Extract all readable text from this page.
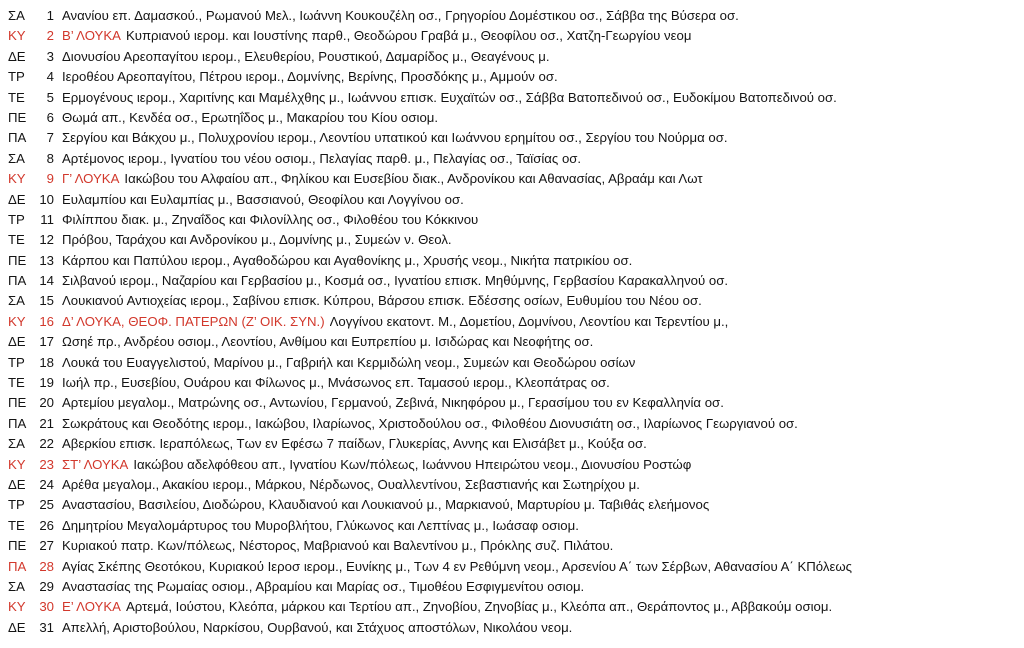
ΣΑ	1 Ανανίου επ. Δαμασκού., Ρωμανού Μελ., Ιωάννη Κουκουζέλη οσ., Γρηγορίου Δομέστικου οσ., Σάββα της Βύσερα οσ.
ΚΥ	2 Β’ ΛΟΥΚΑ Κυπριανού ιερομ. και Ιουστίνης παρθ., Θεοδώρου Γραβά μ., Θεοφίλου οσ., Χατζη-Γεωργίου νεομ
ΔΕ	3 Διονυσίου Αρεοπαγίτου ιερομ., Ελευθερίου, Ρουστικού, Δαμαρίδος μ., Θεαγένους μ.
ΤΡ	4 Ιεροθέου Αρεοπαγίτου, Πέτρου ιερομ., Δομνίνης, Βερίνης, Προσδόκης μ., Αμμούν οσ.
ΤΕ	5 Ερμογένους ιερομ., Χαριτίνης και Μαμέλχθης μ., Ιωάννου επισκ. Ευχαϊτών οσ., Σάββα Βατοπεδινού οσ., Ευδοκίμου Βατοπεδινού οσ.
ΠΕ	6 Θωμά απ., Κενδέα οσ., Ερωτηΐδος μ., Μακαρίου του Κίου οσιομ.
ΠΑ	7 Σεργίου και Βάκχου μ., Πολυχρονίου ιερομ., Λεοντίου υπατικού και Ιωάννου ερημίτου οσ., Σεργίου του Νούρμα οσ.
ΣΑ	8 Αρτέμονος ιερομ., Ιγνατίου του νέου οσιομ., Πελαγίας παρθ. μ., Πελαγίας οσ., Ταϊσίας οσ.
ΚΥ	9 Γ’ ΛΟΥΚΑ Ιακώβου του Αλφαίου απ., Φηλίκου και Ευσεβίου διακ., Ανδρονίκου και Αθανασίας, Αβραάμ και Λωτ
ΔΕ	10 Ευλαμπίου και Ευλαμπίας μ., Βασσιανού, Θεοφίλου και Λογγίνου οσ.
ΤΡ	11 Φιλίππου διακ. μ., Ζηναΐδος και Φιλονίλλης οσ., Φιλοθέου του Κόκκινου
ΤΕ	12 Πρόβου, Ταράχου και Ανδρονίκου μ., Δομνίνης μ., Συμεών ν. Θεολ.
ΠΕ 13 Κάρπου και Παπύλου ιερομ., Αγαθοδώρου και Αγαθονίκης μ., Χρυσής νεομ., Νικήτα πατρικίου οσ.
ΠΑ 14 Σιλβανού ιερομ., Ναζαρίου και Γερβασίου μ., Κοσμά οσ., Ιγνατίου επισκ. Μηθύμνης, Γερβασίου Καρακαλληνού οσ.
ΣΑ	15 Λουκιανού Αντιοχείας ιερομ., Σαβίνου επισκ. Κύπρου, Βάρσου επισκ. Εδέσσης οσίων, Ευθυμίου του Νέου οσ.
ΚΥ	16 Δ’ ΛΟΥΚΑ, ΘΕΟΦ. ΠΑΤΕΡΩΝ (Ζ’ ΟΙΚ. ΣΥΝ.) Λογγίνου εκατοντ. Μ., Δομετίου, Δομνίνου, Λεοντίου και Τερεντίου μ.,
ΔΕ	17 Ωσηέ πρ., Ανδρέου οσιομ., Λεοντίου, Ανθίμου και Ευπρεπίου μ. Ισιδώρας και Νεοφήτης οσ.
ΤΡ	18 Λουκά του Ευαγγελιστού, Μαρίνου μ., Γαβριήλ και Κερμιδώλη νεομ., Συμεών και Θεοδώρου οσίων
ΤΕ	19 Ιωήλ πρ., Ευσεβίου, Ουάρου και Φίλωνος μ., Μνάσωνος επ. Ταμασού ιερομ., Κλεοπάτρας οσ.
ΠΕ 20 Αρτεμίου μεγαλομ., Ματρώνης οσ., Αντωνίου, Γερμανού, Ζεβινά, Νικηφόρου μ., Γερασίμου του εν Κεφαλληνία οσ.
ΠΑ 21 Σωκράτους και Θεοδότης ιερομ., Ιακώβου, Ιλαρίωνος, Χριστοδούλου οσ., Φιλοθέου Διονυσιάτη οσ., Ιλαρίωνος Γεωργιανού οσ.
ΣΑ	22 Αβερκίου επισκ. Ιεραπόλεως, Των εν Εφέσω 7 παίδων, Γλυκερίας, Αννης και Ελισάβετ μ., Κούξα οσ.
ΚΥ	23 ΣΤ’ ΛΟΥΚΑ Ιακώβου αδελφόθεου απ., Ιγνατίου Κων/πόλεως, Ιωάννου Ηπειρώτου νεομ., Διονυσίου Ροστώφ
ΔΕ	24 Αρέθα μεγαλομ., Ακακίου ιερομ., Μάρκου, Νέρδωνος, Ουαλλεντίνου, Σεβαστιανής και Σωτηρίχου μ.
ΤΡ	25 Αναστασίου, Βασιλείου, Διοδώρου, Κλαυδιανού και Λουκιανού μ., Μαρκιανού, Μαρτυρίου μ. Ταβιθάς ελεήμονος
ΤΕ	26 Δημητρίου Μεγαλομάρτυρος του Μυροβλήτου, Γλύκωνος και Λεπτίνας μ., Ιωάσαφ οσιομ.
ΠΕ 27 Κυριακού πατρ. Κων/πόλεως, Νέστορος, Μαβριανού και Βαλεντίνου μ., Πρόκλης συζ. Πιλάτου.
ΠΑ 28 Αγίας Σκέπης Θεοτόκου, Κυριακού Ιεροσ ιερομ., Ευνίκης μ., Των 4 εν Ρεθύμνη νεομ., Αρσενίου Α΄ των Σέρβων, Αθανασίου Α΄ ΚΠόλεως
ΣΑ	29 Αναστασίας της Ρωμαίας οσιομ., Αβραμίου και Μαρίας οσ., Τιμοθέου Εσφιγμενίτου οσιομ.
ΚΥ	30 Ε’ ΛΟΥΚΑ Αρτεμά, Ιούστου, Κλεόπα, μάρκου και Τερτίου απ., Ζηνοβίου, Ζηνοβίας μ., Κλεόπα απ., Θεράποντος μ., Αββακούμ οσιομ.
ΔΕ	31 Απελλή, Αριστοβούλου, Ναρκίσου, Ουρβανού, και Στάχυος αποστόλων, Νικολάου νεομ.
